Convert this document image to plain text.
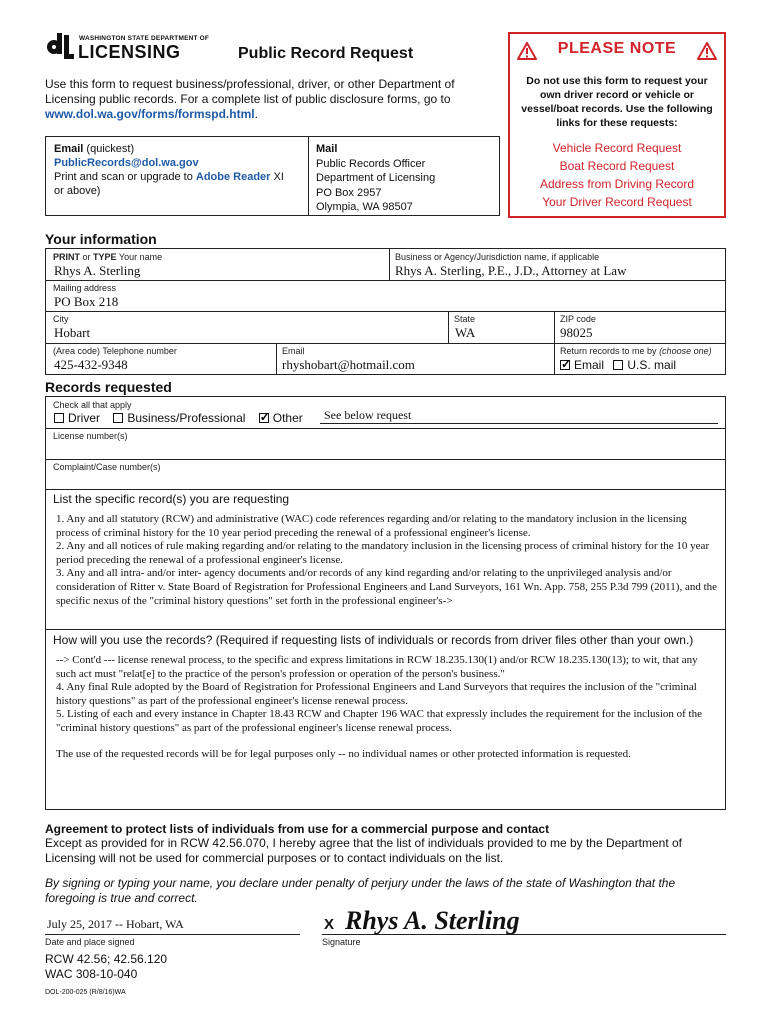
WASHINGTON STATE DEPARTMENT OF
LICENSING	Public Record Request
Use this form to request business/professional, driver, or other Department of Licensing public records. For a complete list of public disclosure forms, go to www.dol.wa.gov/forms/formspd.html.
Email (quickest)
PublicRecords@dol.wa.gov
Print and scan or upgrade to Adobe Reader XI
or above)
Mail
Public Records Officer
Department of Licensing
PO Box 2957
Olympia, WA 98507
PLEASE NOTE
Do not use this form to request your own driver record or vehicle or vessel/boat records. Use the following links for these requests:
Vehicle Record Request
Boat Record Request
Address from Driving Record
Your Driver Record Request
Your information
PRINT or TYPE Your name
Rhys A. Sterling
Business or Agency/Jurisdiction name, if applicable
Rhys A. Sterling, P.E., J.D., Attorney at Law
Mailing address
PO Box 218
City
Hobart
State
WA
ZIP code
98025
(Area code) Telephone number
425-432-9348
Email
rhyshobart@hotmail.com
Return records to me by (choose one)
✓Email U.S. mail
Records requested
Check all that apply
Driver Business/Professional ✓ Other See below request
License number(s)
Complaint/Case number(s)
List the specific record(s) you are requesting

1. Any and all statutory (RCW) and administrative (WAC) code references regarding and/or relating to the mandatory inclusion in the licensing process of criminal history for the 10 year period preceding the renewal of a professional engineer's license.

2. Any and all notices of rule making regarding and/or relating to the mandatory inclusion in the licensing process of criminal history for the 10 year period preceding the renewal of a professional engineer's license.

3. Any and all intra- and/or inter- agency documents and/or records of any kind regarding and/or relating to the unprivileged analysis and/or consideration of Ritter v. State Board of Registration for Professional Engineers and Land Surveyors, 161 Wn. App. 758, 255 P.3d 799 (2011), and the specific nexus of the "criminal history questions" set forth in the professional engineer's->

How will you use the records? (Required if requesting lists of individuals or records from driver files other than your own.)

--> Cont'd --- license renewal process, to the specific and express limitations in RCW 18.235.130(1) and/or RCW 18.235.130(13); to wit, that any such act must "relat[e] to the practice of the person's profession or operation of the person's business."

4. Any final Rule adopted by the Board of Registration for Professional Engineers and Land Surveyors that requires the inclusion of the "criminal history questions" as part of the professional engineer's license renewal process.

5. Listing of each and every instance in Chapter 18.43 RCW and Chapter 196 WAC that expressly includes the requirement for the inclusion of the "criminal history questions" as part of the professional engineer's license renewal process.

The use of the requested records will be for legal purposes only -- no individual names or other protected information is requested.

Agreement to protect lists of individuals from use for a commercial purpose and contact
Except as provided for in RCW 42.56.070, I hereby agree that the list of individuals provided to me by the Department of Licensing will not be used for commercial purposes or to contact individuals on the list.
By signing or typing your name, you declare under penalty of perjury under the laws of the state of Washington that the foregoing is true and correct.
July 25, 2017 -- Hobart, WA
Date and place signed
X Rhys A. Sterling
Signature
RCW 42.56; 42.56.120
WAC 308-10-040
DOL-200-025 (R/8/16)WA
